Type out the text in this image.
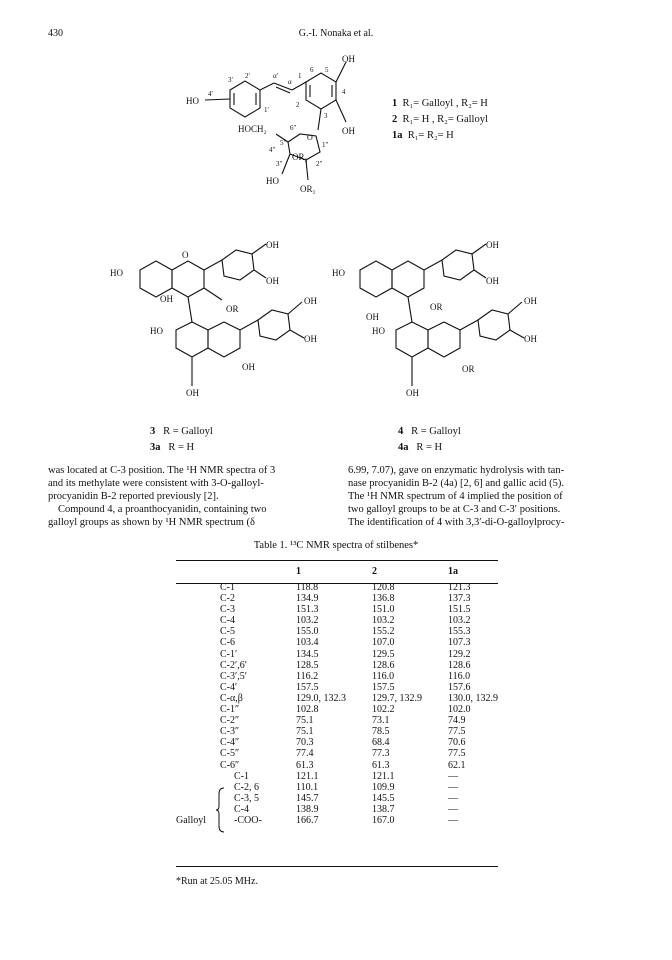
430	G.-I. Nonaka et al.
HO
4′
3′ 2′
1′
α′
α
OH
OH
6 5
4
3
2
1
O
HOCH₂	6″
5″	1″
2″
3″
4″
OR₂
HO
OR₁
1 R₁= Galloyl , R₂= H
2 R₁= H , R₂= Galloyl
1a R₁= R₂= H
HO
OH
OH
O
OR
OH
OH
HO
OH
OH
OH
HO
OH
OH
OR
OH
OH
OH
HO
OR
OH
3 R = Galloyl
3a R = H
4 R = Galloyl
4a R = H
was located at C-3 position. The ¹H NMR spectra of 3
and its methylate were consistent with 3-O-galloyl-
procyanidin B-2 reported previously [2].
Compound 4, a proanthocyanidin, containing two
galloyl groups as shown by ¹H NMR spectrum (δ
6.99, 7.07), gave on enzymatic hydrolysis with tan-
nase procyanidin B-2 (4a) [2, 6] and gallic acid (5).
The ¹H NMR spectrum of 4 implied the position of
two galloyl groups to be at C-3 and C-3′ positions.
The identification of 4 with 3,3′-di-O-galloylprocy-
Table 1. ¹³C NMR spectra of stilbenes*
		1	2	1a
	C-1	118.8	120.8	121.3
	C-2	134.9	136.8	137.3
	C-3	151.3	151.0	151.5
	C-4	103.2	103.2	103.2
	C-5	155.0	155.2	155.3
	C-6	103.4	107.0	107.3
	C-1′	134.5	129.5	129.2
	C-2′,6′	128.5	128.6	128.6
	C-3′,5′	116.2	116.0	116.0
	C-4′	157.5	157.5	157.6
	C-α,β	129.0, 132.3	129.7, 132.9	130.0, 132.9
	C-1″	102.8	102.2	102.0
	C-2″	75.1	73.1	74.9
	C-3″	75.1	78.5	77.5
	C-4″	70.3	68.4	70.6
	C-5″	77.4	77.3	77.5
	C-6″	61.3	61.3	62.1
	C-1	121.1	121.1	—
	C-2, 6	110.1	109.9	—
	C-3, 5	145.7	145.5	—
	C-4	138.9	138.7	—
	-COO-	166.7	167.0	—
Galloyl
*Run at 25.05 MHz.
